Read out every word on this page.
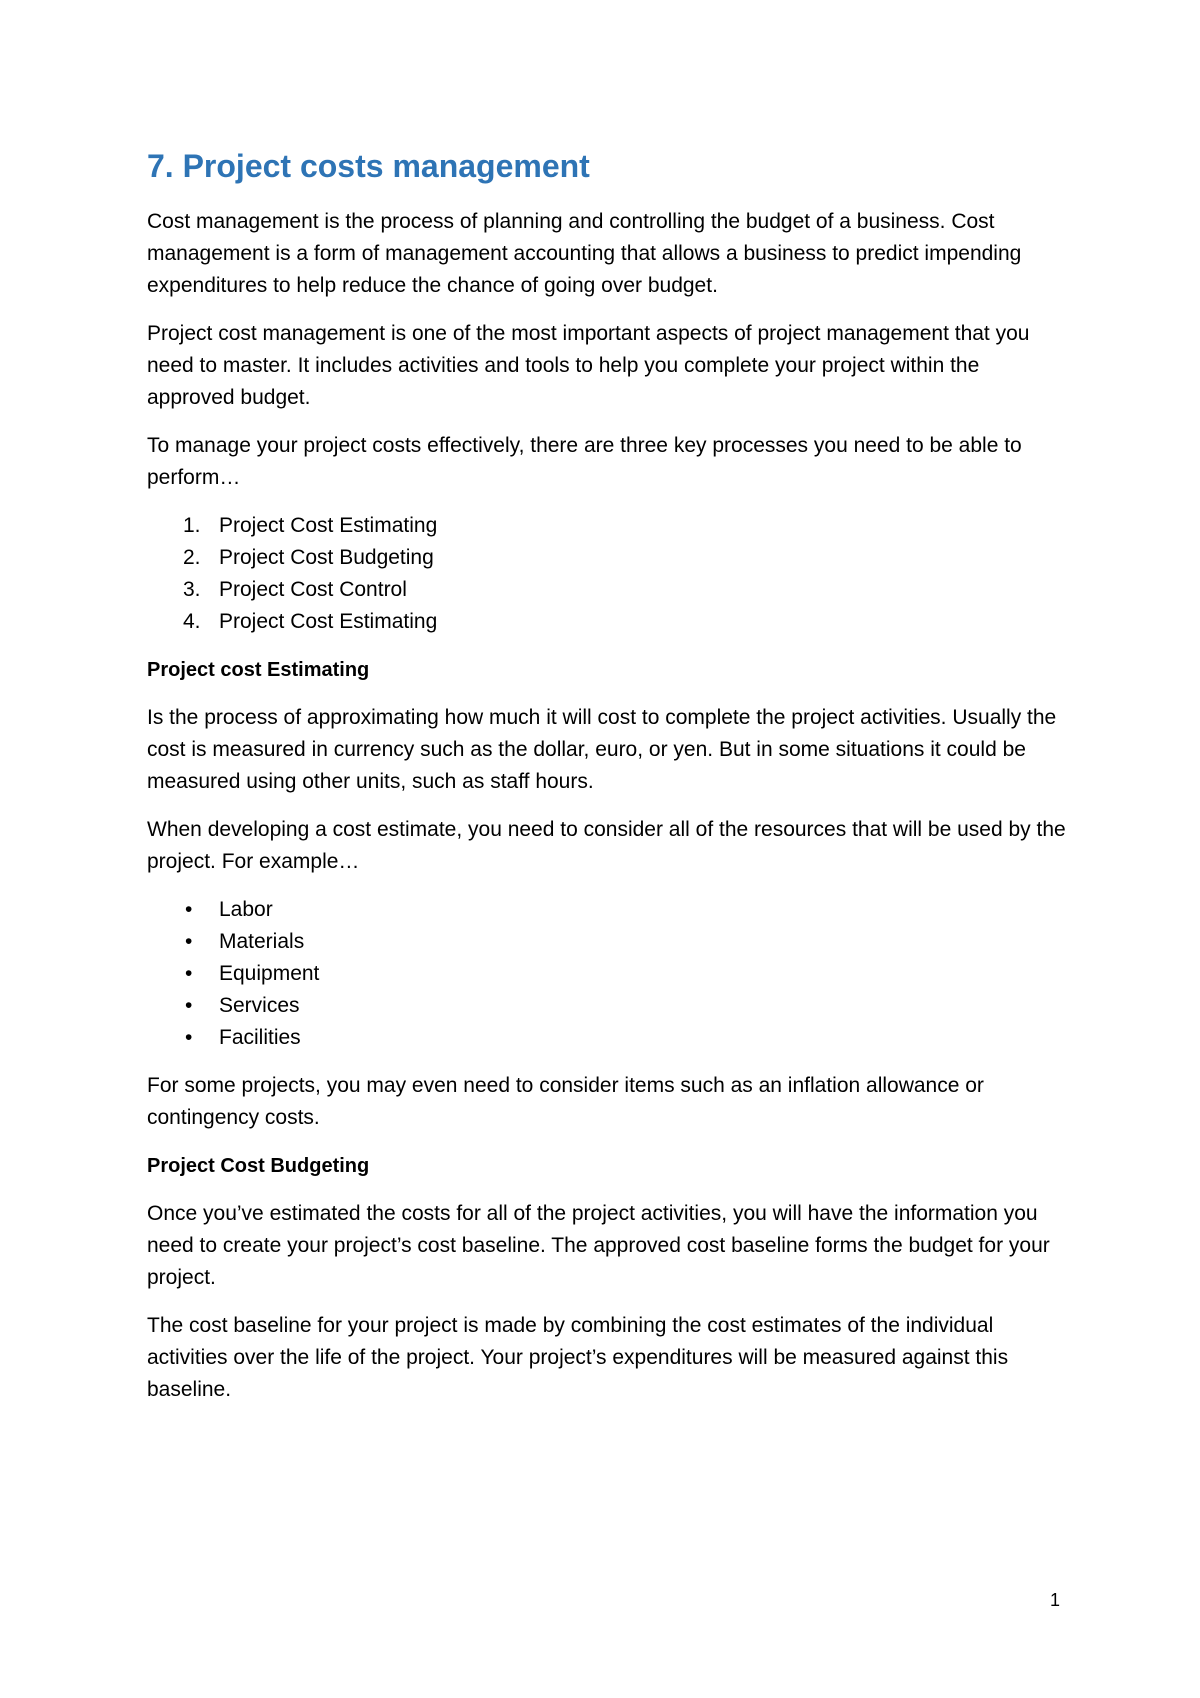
7. Project costs management

Cost management is the process of planning and controlling the budget of a business. Cost management is a form of management accounting that allows a business to predict impending expenditures to help reduce the chance of going over budget.

Project cost management is one of the most important aspects of project management that you need to master. It includes activities and tools to help you complete your project within the approved budget.

To manage your project costs effectively, there are three key processes you need to be able to perform…

1. Project Cost Estimating
2. Project Cost Budgeting
3. Project Cost Control
4. Project Cost Estimating
Project cost Estimating

Is the process of approximating how much it will cost to complete the project activities. Usually the cost is measured in currency such as the dollar, euro, or yen. But in some situations it could be measured using other units, such as staff hours.

When developing a cost estimate, you need to consider all of the resources that will be used by the project. For example…

• Labor
• Materials
• Equipment
• Services
• Facilities

For some projects, you may even need to consider items such as an inflation allowance or contingency costs.

Project Cost Budgeting

Once you’ve estimated the costs for all of the project activities, you will have the information you need to create your project’s cost baseline. The approved cost baseline forms the budget for your project.

The cost baseline for your project is made by combining the cost estimates of the individual activities over the life of the project. Your project’s expenditures will be measured against this baseline.

1
